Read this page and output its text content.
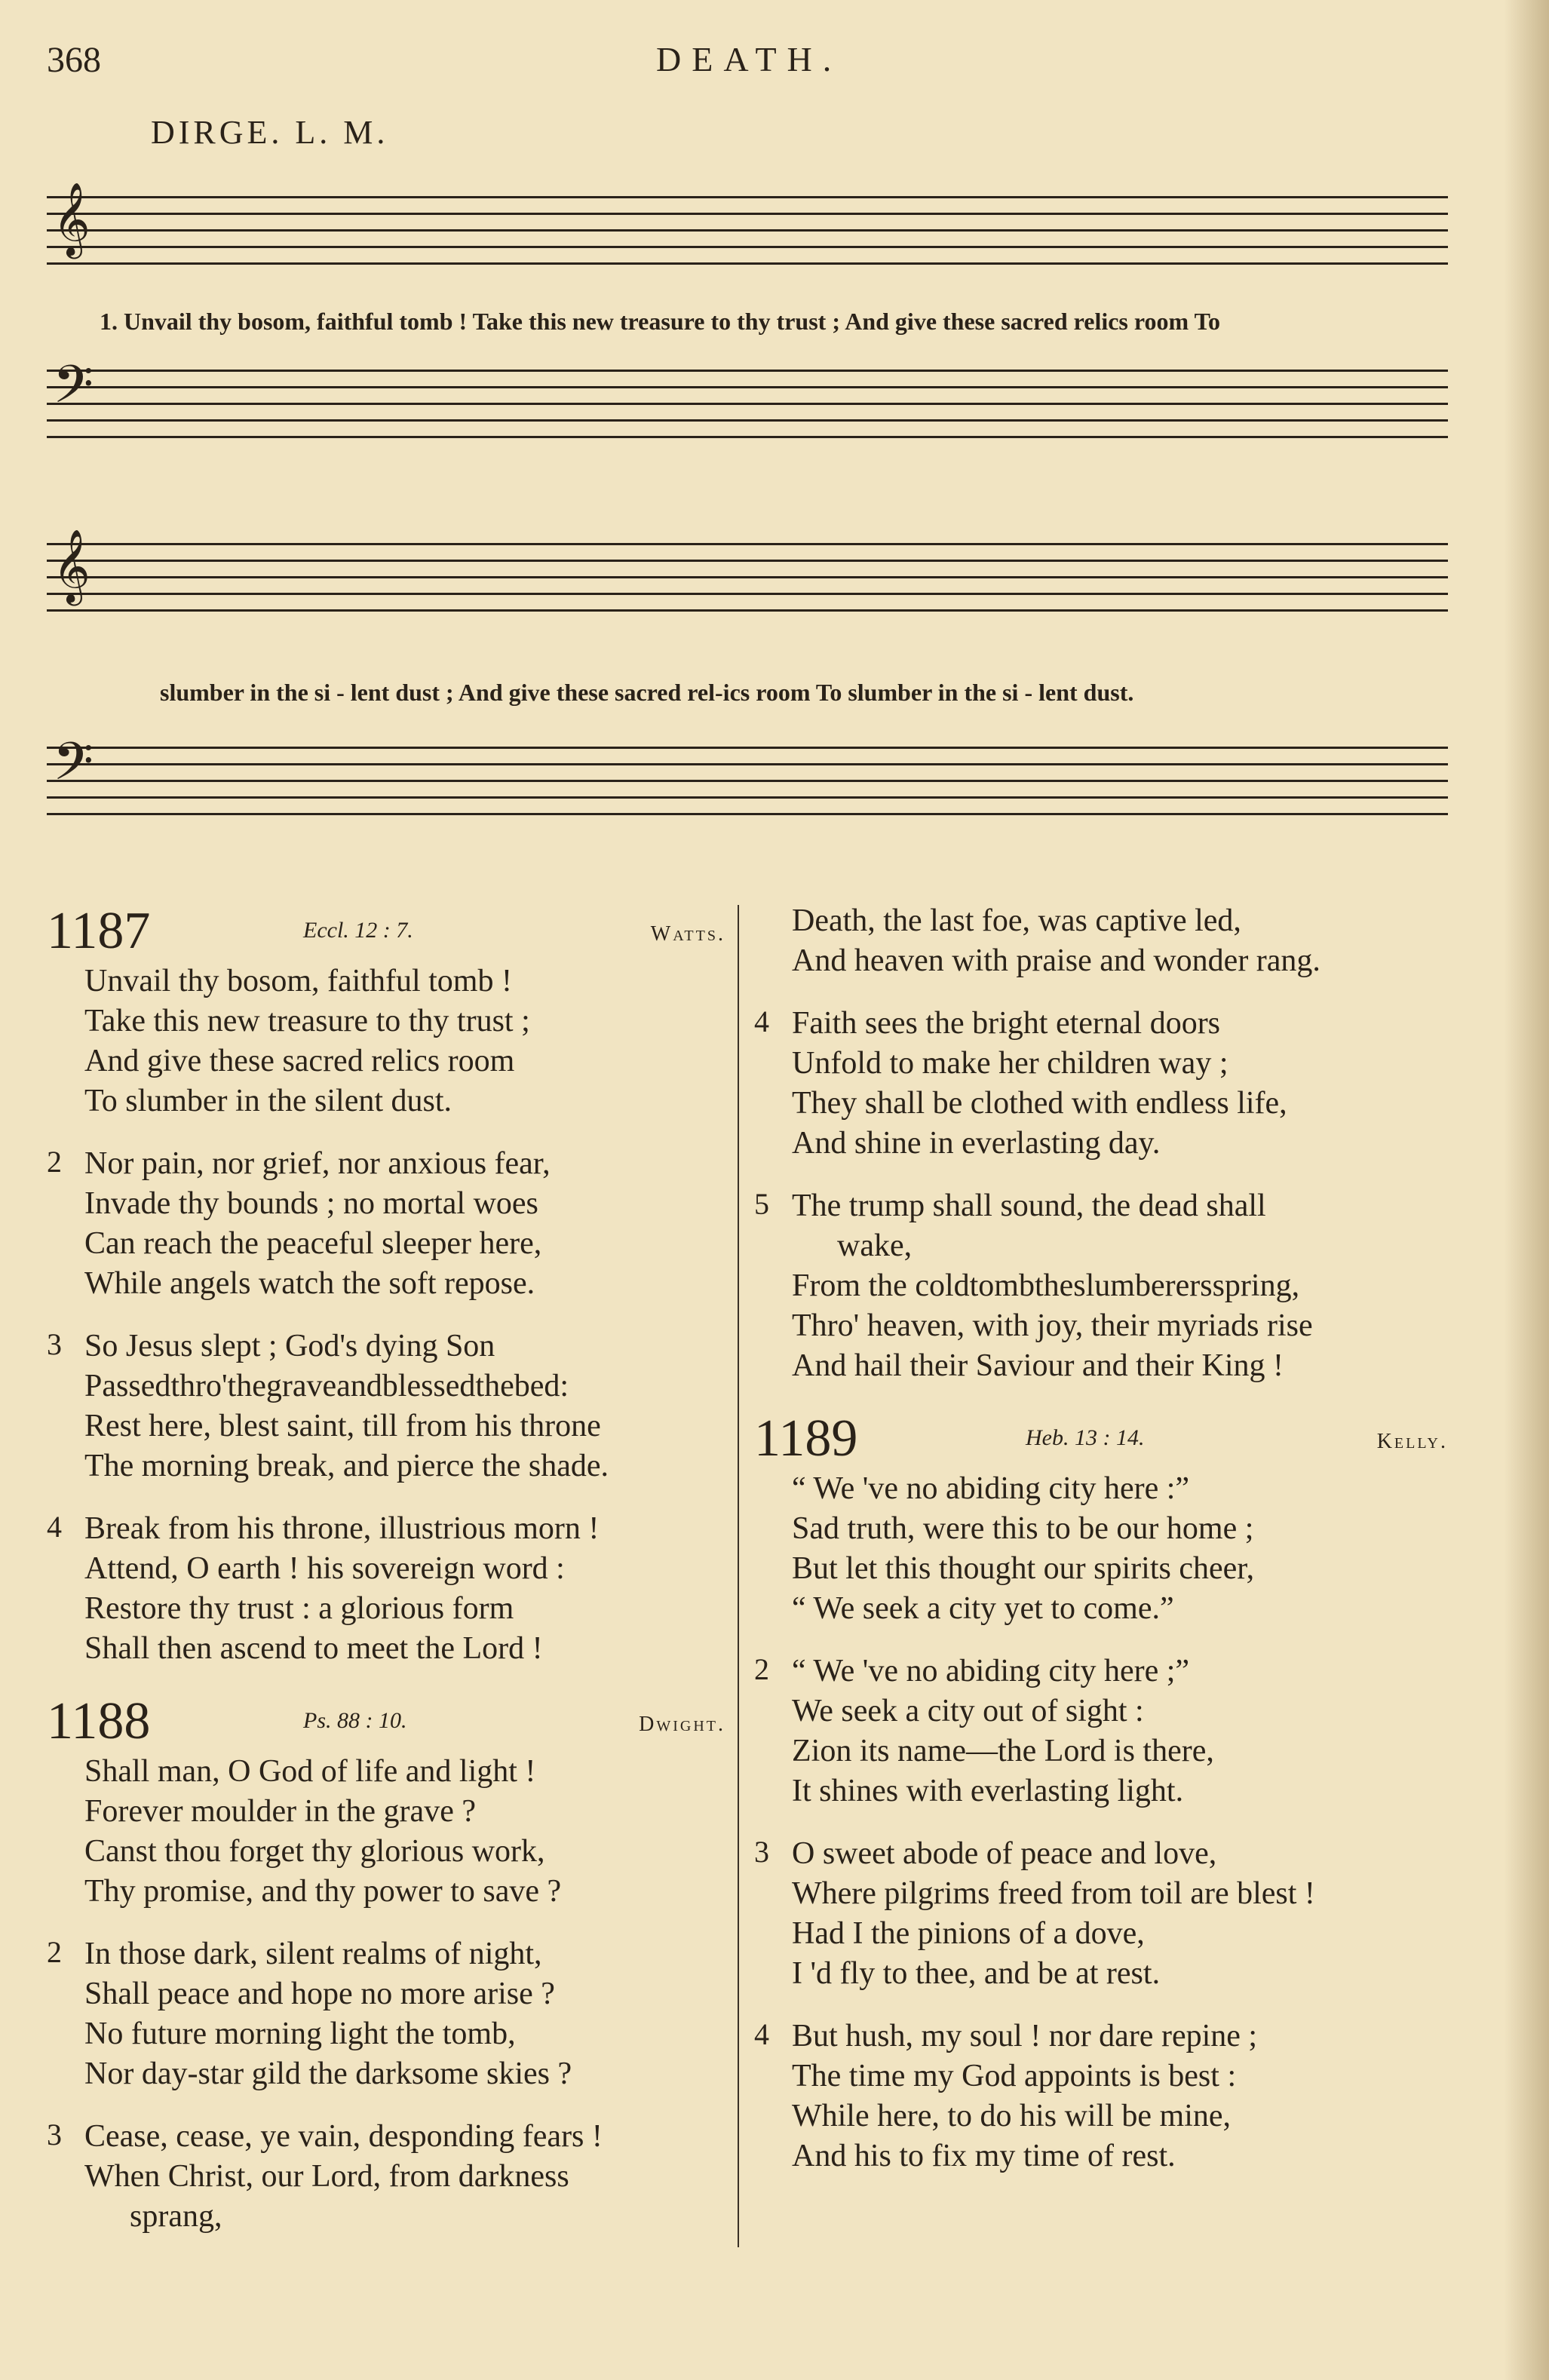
368	DEATH.
DIRGE. L. M.
𝄞
1. Unvail thy bosom, faithful tomb ! Take this new treasure to thy trust ; And give these sacred relics room To
𝄢
𝄞
slumber in the si - lent dust ; And give these sacred rel-ics room To slumber in the si - lent dust.
𝄢
1187	Eccl. 12 : 7.	Watts.
Unvail thy bosom, faithful tomb !
Take this new treasure to thy trust ;
And give these sacred relics room
To slumber in the silent dust.
2 Nor pain, nor grief, nor anxious fear,
Invade thy bounds ; no mortal woes
Can reach the peaceful sleeper here,
While angels watch the soft repose.
3 So Jesus slept ; God's dying Son
Passedthro'thegraveandblessedthebed:
Rest here, blest saint, till from his throne
The morning break, and pierce the shade.
4 Break from his throne, illustrious morn !
Attend, O earth ! his sovereign word :
Restore thy trust : a glorious form
Shall then ascend to meet the Lord !
1188	Ps. 88 : 10.	Dwight.
Shall man, O God of life and light !
Forever moulder in the grave ?
Canst thou forget thy glorious work,
Thy promise, and thy power to save ?
2 In those dark, silent realms of night,
Shall peace and hope no more arise ?
No future morning light the tomb,
Nor day-star gild the darksome skies ?
3 Cease, cease, ye vain, desponding fears !
When Christ, our Lord, from darkness
sprang,
Death, the last foe, was captive led,
And heaven with praise and wonder rang.
4 Faith sees the bright eternal doors
Unfold to make her children way ;
They shall be clothed with endless life,
And shine in everlasting day.
5 The trump shall sound, the dead shall
wake,
From the coldtombtheslumberersspring,
Thro' heaven, with joy, their myriads rise
And hail their Saviour and their King !
1189	Heb. 13 : 14.	Kelly.
“ We 've no abiding city here :”
Sad truth, were this to be our home ;
But let this thought our spirits cheer,
“ We seek a city yet to come.”
2 “ We 've no abiding city here ;”
We seek a city out of sight :
Zion its name—the Lord is there,
It shines with everlasting light.
3 O sweet abode of peace and love,
Where pilgrims freed from toil are blest !
Had I the pinions of a dove,
I 'd fly to thee, and be at rest.
4 But hush, my soul ! nor dare repine ;
The time my God appoints is best :
While here, to do his will be mine,
And his to fix my time of rest.
